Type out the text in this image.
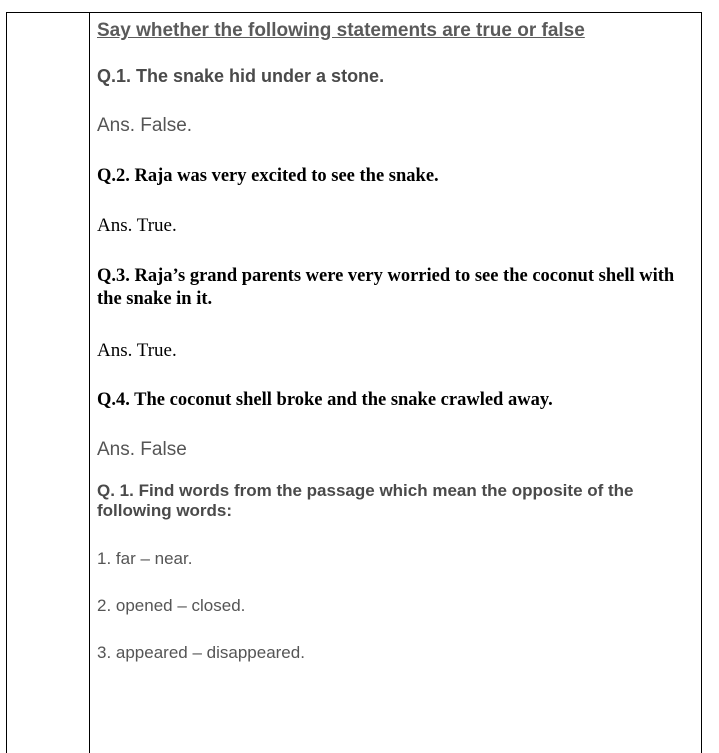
Say whether the following statements are true or false

Q.1. The snake hid under a stone.

Ans. False.

Q.2. Raja was very excited to see the snake.

Ans. True.

Q.3. Raja’s grand parents were very worried to see the coconut shell with the snake in it.

Ans. True.

Q.4. The coconut shell broke and the snake crawled away.

Ans. False

Q. 1. Find words from the passage which mean the opposite of the following words:

1. far – near.

2. opened – closed.

3. appeared – disappeared.
